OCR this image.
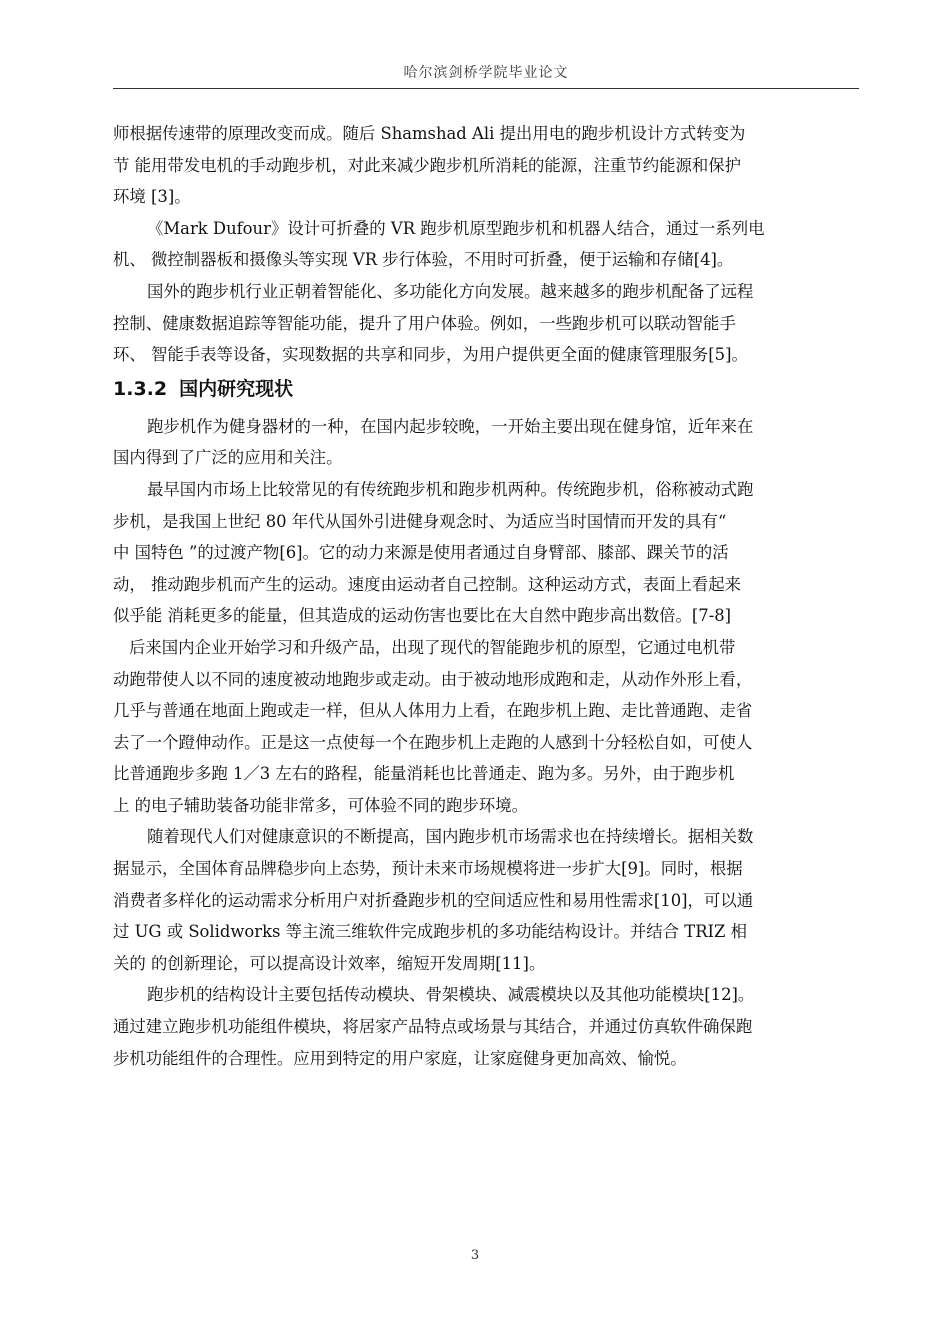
哈尔滨剑桥学院毕业论文

师根据传速带的原理改变而成。随后 Shamshad Ali 提出用电的跑步机设计方式转变为
节 能用带发电机的手动跑步机，对此来减少跑步机所消耗的能源，注重节约能源和保护
环境 [3]。

《Mark Dufour》设计可折叠的 VR 跑步机原型跑步机和机器人结合，通过一系列电
机、 微控制器板和摄像头等实现 VR 步行体验，不用时可折叠，便于运输和存储[4]。

国外的跑步机行业正朝着智能化、多功能化方向发展。越来越多的跑步机配备了远程
控制、健康数据追踪等智能功能，提升了用户体验。例如，一些跑步机可以联动智能手
环、 智能手表等设备，实现数据的共享和同步，为用户提供更全面的健康管理服务[5]。

1.3.2 国内研究现状

跑步机作为健身器材的一种，在国内起步较晚，一开始主要出现在健身馆，近年来在
国内得到了广泛的应用和关注。

最早国内市场上比较常见的有传统跑步机和跑步机两种。传统跑步机，俗称被动式跑
步机，是我国上世纪 80 年代从国外引进健身观念时、为适应当时国情而开发的具有“
中 国特色 ”的过渡产物[6]。它的动力来源是使用者通过自身臂部、膝部、踝关节的活
动， 推动跑步机而产生的运动。速度由运动者自己控制。这种运动方式，表面上看起来
似乎能 消耗更多的能量，但其造成的运动伤害也要比在大自然中跑步高出数倍。[7-8]

后来国内企业开始学习和升级产品，出现了现代的智能跑步机的原型，它通过电机带
动跑带使人以不同的速度被动地跑步或走动。由于被动地形成跑和走，从动作外形上看，
几乎与普通在地面上跑或走一样，但从人体用力上看，在跑步机上跑、走比普通跑、走省
去了一个蹬伸动作。正是这一点使每一个在跑步机上走跑的人感到十分轻松自如，可使人
比普通跑步多跑 1／3 左右的路程，能量消耗也比普通走、跑为多。另外，由于跑步机
上 的电子辅助装备功能非常多，可体验不同的跑步环境。

随着现代人们对健康意识的不断提高，国内跑步机市场需求也在持续增长。据相关数
据显示，全国体育品牌稳步向上态势，预计未来市场规模将进一步扩大[9]。同时，根据
消费者多样化的运动需求分析用户对折叠跑步机的空间适应性和易用性需求[10]，可以通
过 UG 或 Solidworks 等主流三维软件完成跑步机的多功能结构设计。并结合 TRIZ 相
关的 的创新理论，可以提高设计效率，缩短开发周期[11]。

跑步机的结构设计主要包括传动模块、骨架模块、减震模块以及其他功能模块[12]。
通过建立跑步机功能组件模块，将居家产品特点或场景与其结合，并通过仿真软件确保跑
步机功能组件的合理性。应用到特定的用户家庭，让家庭健身更加高效、愉悦。

3
